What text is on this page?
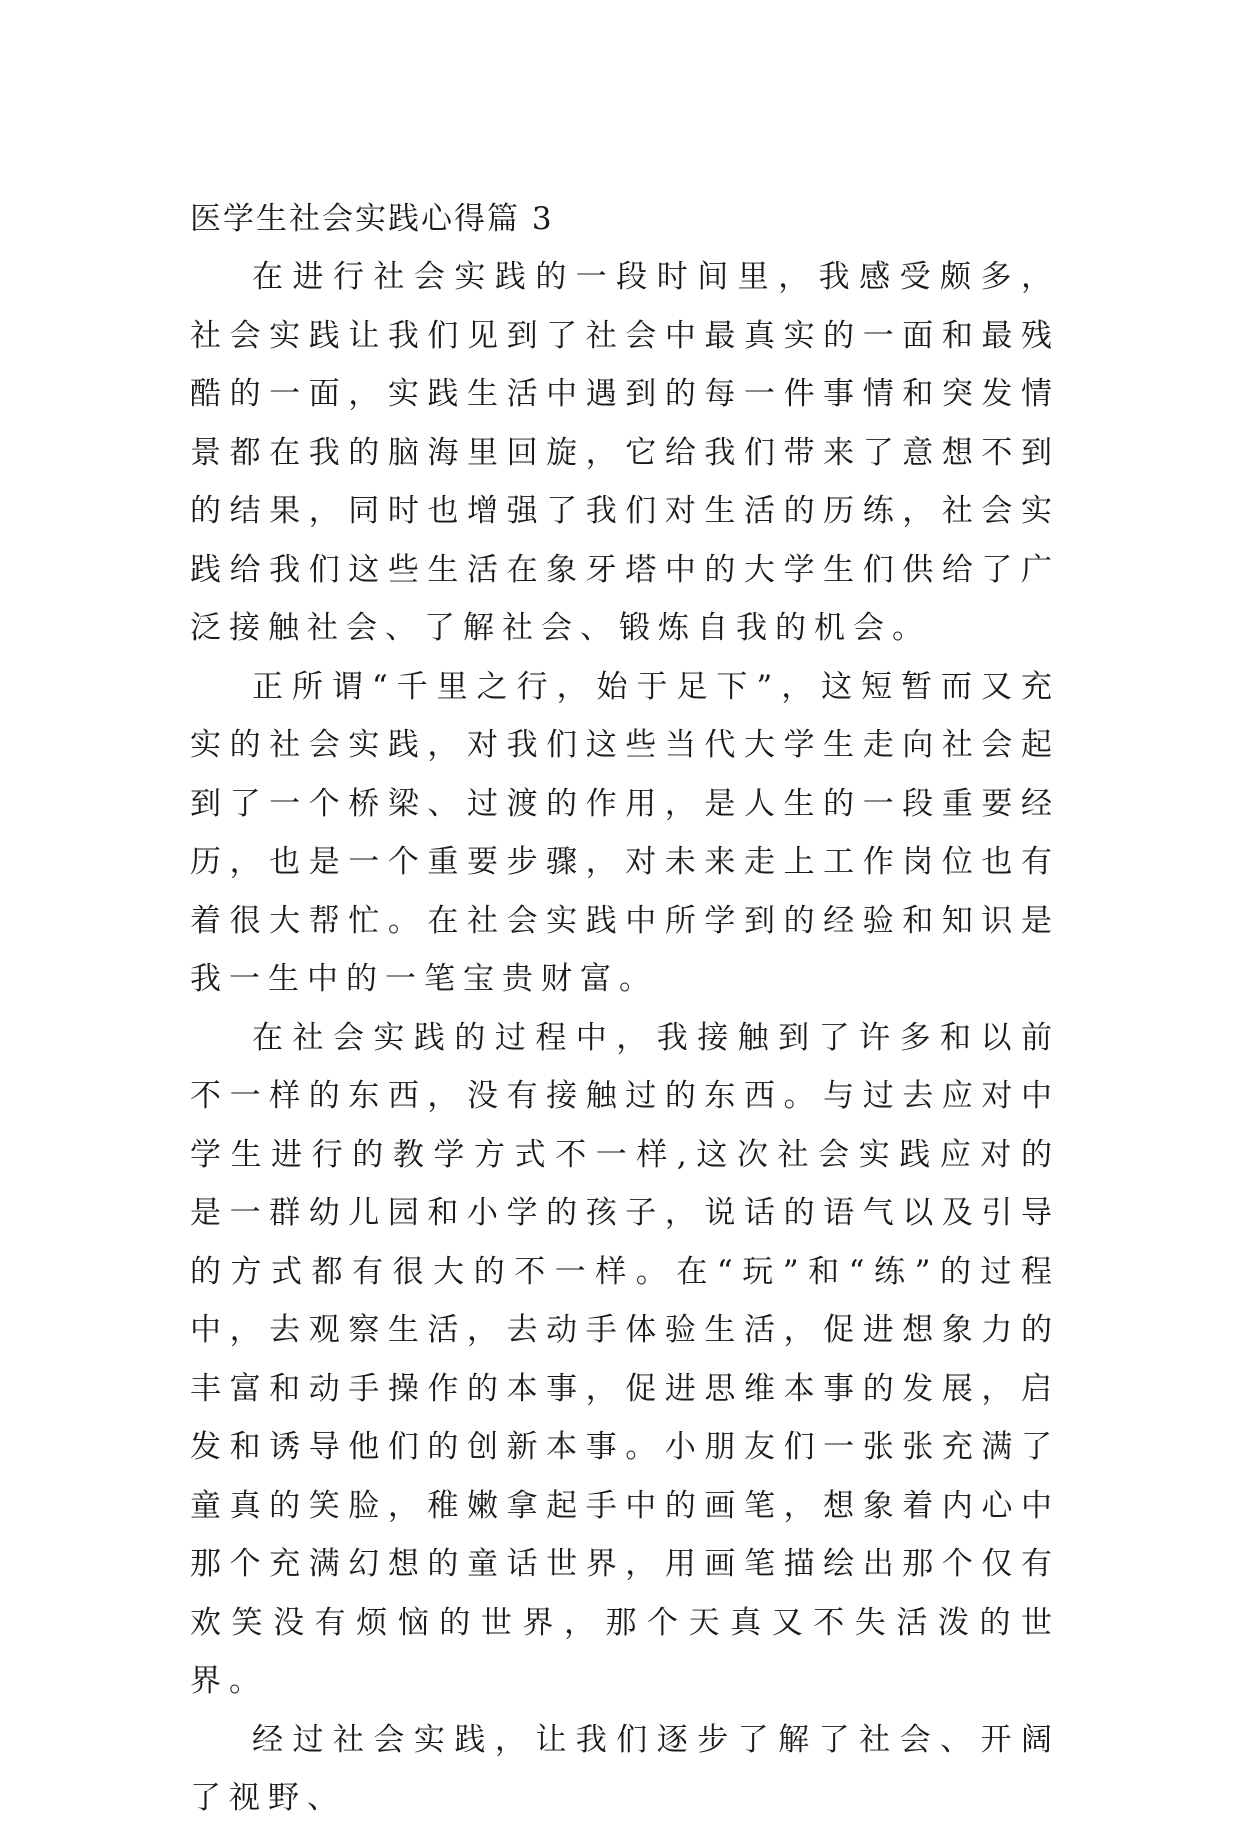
医学生社会实践心得篇 3

在进行社会实践的一段时间里，我感受颇多，社会实践让我们见到了社会中最真实的一面和最残酷的一面，实践生活中遇到的每一件事情和突发情景都在我的脑海里回旋，它给我们带来了意想不到的结果，同时也增强了我们对生活的历练，社会实践给我们这些生活在象牙塔中的大学生们供给了广泛接触社会、了解社会、锻炼自我的机会。

正所谓“千里之行，始于足下”，这短暂而又充实的社会实践，对我们这些当代大学生走向社会起到了一个桥梁、过渡的作用，是人生的一段重要经历，也是一个重要步骤，对未来走上工作岗位也有着很大帮忙。在社会实践中所学到的经验和知识是我一生中的一笔宝贵财富。

在社会实践的过程中，我接触到了许多和以前不一样的东西，没有接触过的东西。与过去应对中学生进行的教学方式不一样,这次社会实践应对的是一群幼儿园和小学的孩子，说话的语气以及引导的方式都有很大的不一样。在“玩”和“练”的过程中，去观察生活，去动手体验生活，促进想象力的丰富和动手操作的本事，促进思维本事的发展，启发和诱导他们的创新本事。小朋友们一张张充满了童真的笑脸，稚嫩拿起手中的画笔，想象着内心中那个充满幻想的童话世界，用画笔描绘出那个仅有欢笑没有烦恼的世界，那个天真又不失活泼的世界。

经过社会实践，让我们逐步了解了社会、开阔了视野、
